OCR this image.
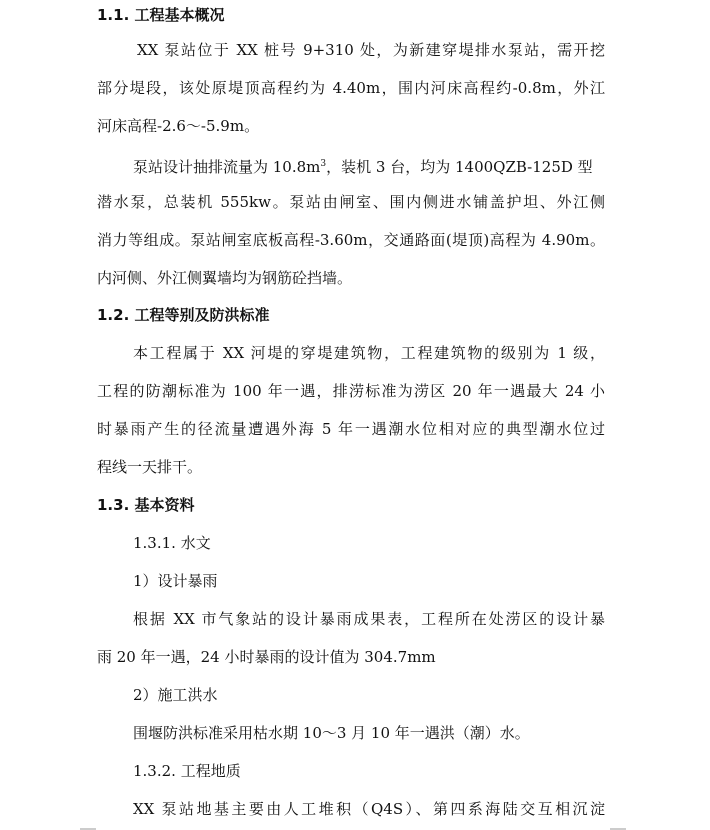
1.1. 工程基本概况
XX 泵站位于 XX 桩号 9+310 处，为新建穿堤排水泵站，需开挖
部分堤段，该处原堤顶高程约为 4.40m，围内河床高程约-0.8m，外江
河床高程-2.6～-5.9m。
泵站设计抽排流量为 $10.8m^3$，装机 3 台，均为 1400QZB-125D 型
潜水泵，总装机 555kw。泵站由闸室、围内侧进水铺盖护坦、外江侧
消力等组成。泵站闸室底板高程-3.60m，交通路面(堤顶)高程为 4.90m。
内河侧、外江侧翼墙均为钢筋砼挡墙。
1.2. 工程等别及防洪标准
本工程属于 XX 河堤的穿堤建筑物，工程建筑物的级别为 1 级，
工程的防潮标准为 100 年一遇，排涝标准为涝区 20 年一遇最大 24 小
时暴雨产生的径流量遭遇外海 5 年一遇潮水位相对应的典型潮水位过
程线一天排干。
1.3. 基本资料
1.3.1. 水文
1）设计暴雨
根据 XX 市气象站的设计暴雨成果表，工程所在处涝区的设计暴
雨 20 年一遇，24 小时暴雨的设计值为 304.7mm
2）施工洪水
围堰防洪标准采用枯水期 10～3 月 10 年一遇洪（潮）水。
1.3.2. 工程地质
XX 泵站地基主要由人工堆积（Q4S）、第四系海陆交互相沉淀
